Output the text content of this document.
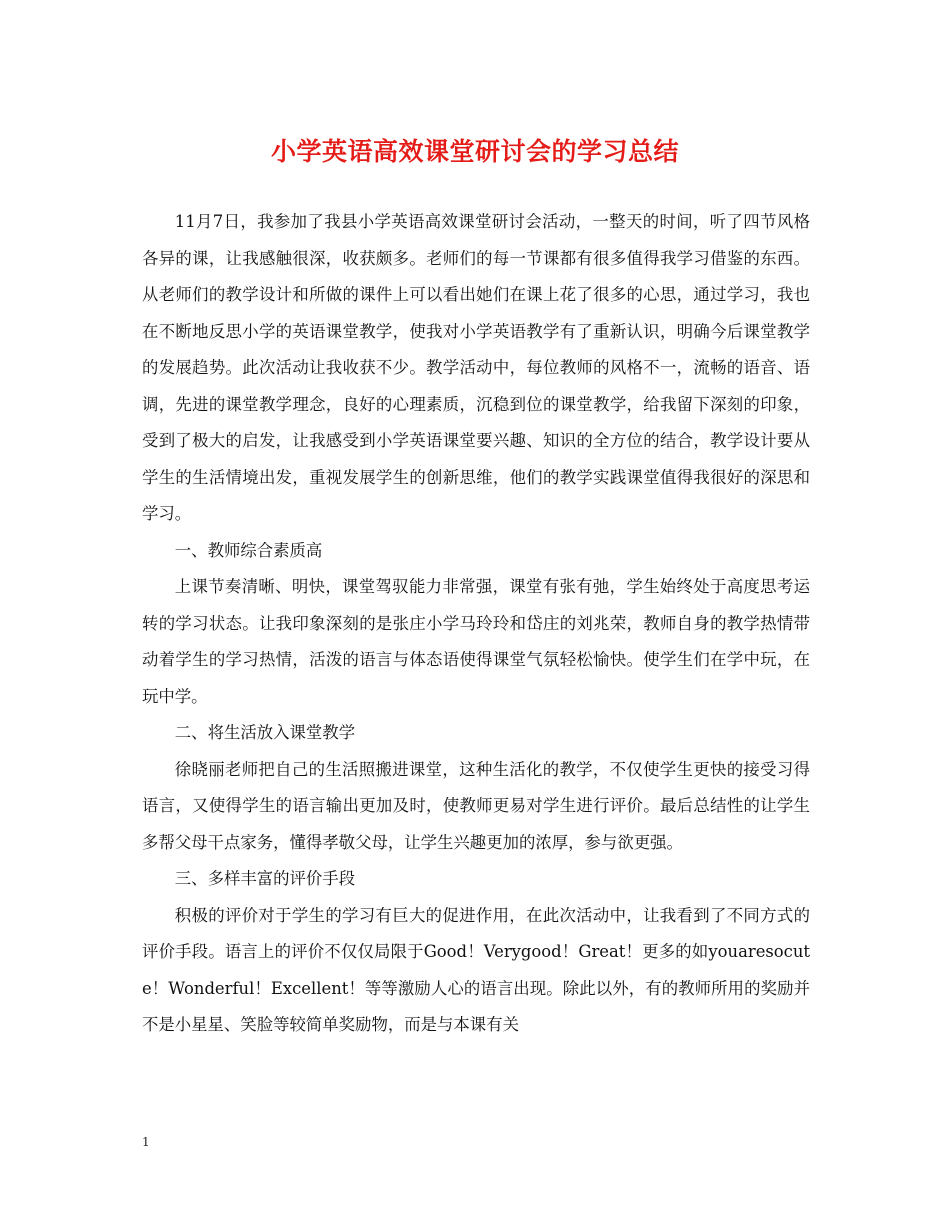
小学英语高效课堂研讨会的学习总结

11月7日，我参加了我县小学英语高效课堂研讨会活动，一整天的时间，听了四节风格各异的课，让我感触很深，收获颇多。老师们的每一节课都有很多值得我学习借鉴的东西。从老师们的教学设计和所做的课件上可以看出她们在课上花了很多的心思，通过学习，我也在不断地反思小学的英语课堂教学，使我对小学英语教学有了重新认识，明确今后课堂教学的发展趋势。此次活动让我收获不少。教学活动中，每位教师的风格不一，流畅的语音、语调，先进的课堂教学理念，良好的心理素质，沉稳到位的课堂教学，给我留下深刻的印象，受到了极大的启发，让我感受到小学英语课堂要兴趣、知识的全方位的结合，教学设计要从学生的生活情境出发，重视发展学生的创新思维，他们的教学实践课堂值得我很好的深思和学习。

一、教师综合素质高

上课节奏清晰、明快，课堂驾驭能力非常强，课堂有张有弛，学生始终处于高度思考运转的学习状态。让我印象深刻的是张庄小学马玲玲和岱庄的刘兆荣，教师自身的教学热情带动着学生的学习热情，活泼的语言与体态语使得课堂气氛轻松愉快。使学生们在学中玩，在玩中学。

二、将生活放入课堂教学

徐晓丽老师把自己的生活照搬进课堂，这种生活化的教学，不仅使学生更快的接受习得语言，又使得学生的语言输出更加及时，使教师更易对学生进行评价。最后总结性的让学生多帮父母干点家务，懂得孝敬父母，让学生兴趣更加的浓厚，参与欲更强。

三、多样丰富的评价手段

积极的评价对于学生的学习有巨大的促进作用，在此次活动中，让我看到了不同方式的评价手段。语言上的评价不仅仅局限于Good！Verygood！Great！更多的如youaresocute！Wonderful！Excellent！等等激励人心的语言出现。除此以外，有的教师所用的奖励并不是小星星、笑脸等较简单奖励物，而是与本课有关

1
